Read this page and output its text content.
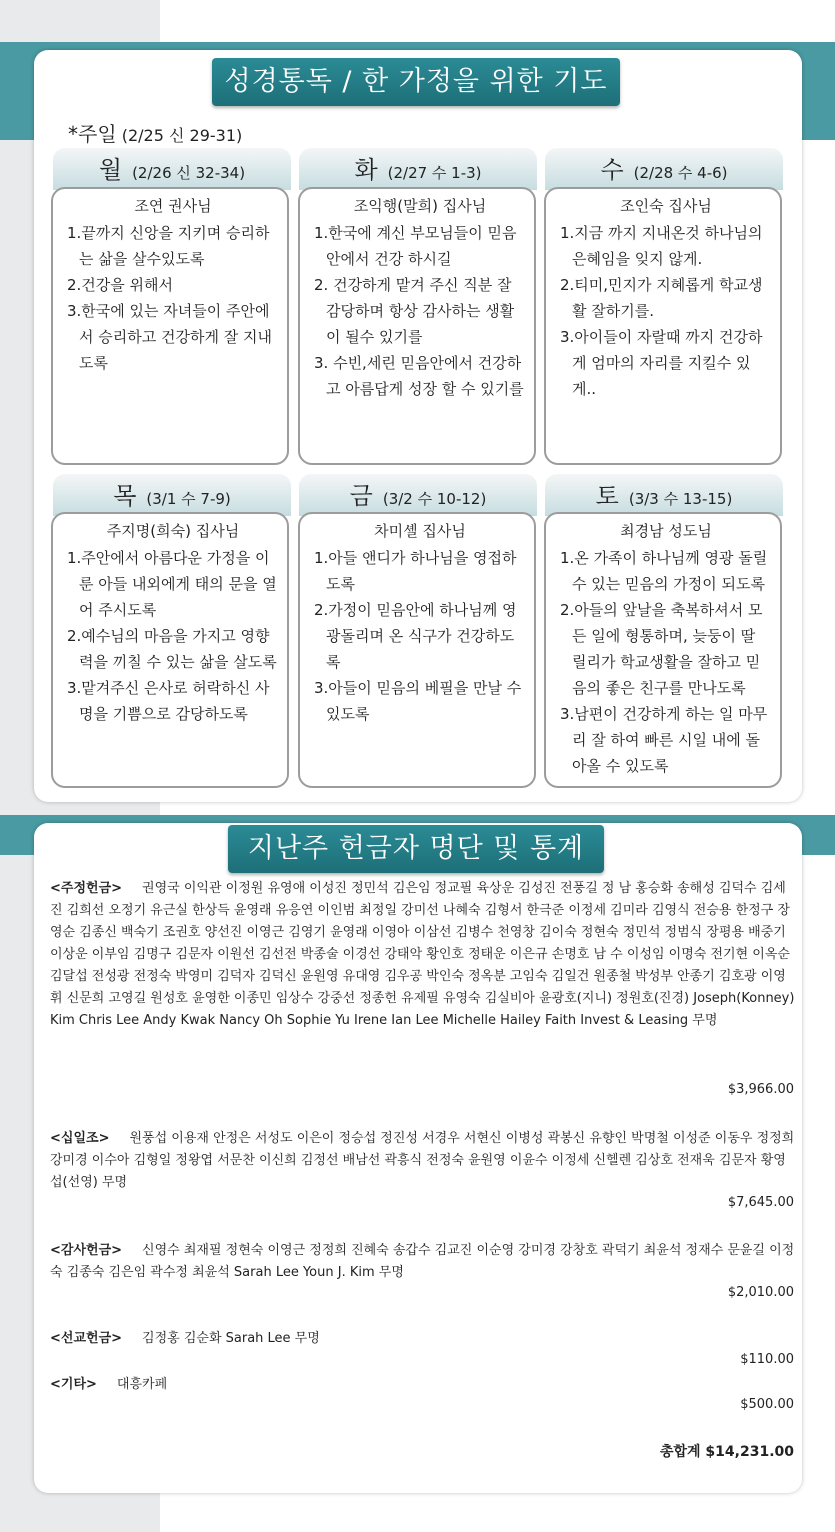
성경통독 / 한 가정을 위한 기도
*주일 (2/25 신 29-31)
월 (2/26 신 32-34)
조연 권사님
1.끝까지 신앙을 지키며 승리하는 삶을 살수있도록
2.건강을 위해서
3.한국에 있는 자녀들이 주안에서 승리하고 건강하게 잘 지내도록
화 (2/27 수 1-3)
조익행(말희) 집사님
1.한국에 계신 부모님들이 믿음안에서 건강 하시길
2. 건강하게 맡겨 주신 직분 잘 감당하며 항상 감사하는 생활이 될수 있기를
3. 수빈,세린 믿음안에서 건강하고 아름답게 성장 할 수 있기를
수 (2/28 수 4-6)
조인숙 집사님
1.지금 까지 지내온것 하나님의 은혜임을 잊지 않게.
2.티미,민지가 지혜롭게 학교생활 잘하기를.
3.아이들이 자랄때 까지 건강하게 엄마의 자리를 지킬수 있게..
목 (3/1 수 7-9)
주지명(희숙) 집사님
1.주안에서 아름다운 가정을 이룬 아들 내외에게 태의 문을 열어 주시도록
2.예수님의 마음을 가지고 영향력을 끼칠 수 있는 삶을 살도록
3.맡겨주신 은사로 허락하신 사명을 기쁨으로 감당하도록
금 (3/2 수 10-12)
차미셸 집사님
1.아들 앤디가 하나님을 영접하도록
2.가정이 믿음안에 하나님께 영광돌리며 온 식구가 건강하도록
3.아들이 믿음의 베필을 만날 수 있도록
토 (3/3 수 13-15)
최경남 성도님
1.온 가족이 하나님께 영광 돌릴 수 있는 믿음의 가정이 되도록
2.아들의 앞날을 축복하셔서 모든 일에 형통하며, 늦둥이 딸 릴리가 학교생활을 잘하고 믿음의 좋은 친구를 만나도록
3.남편이 건강하게 하는 일 마무리 잘 하여 빠른 시일 내에 돌아올 수 있도록
지난주 헌금자 명단 및 통계
<주정헌금> 권영국 이익관 이정원 유영애 이성진 정민석 김은임 정교필 육상운 김성진 전풍길 정 남 홍승화 송해성 김덕수 김세진 김희선 오정기 유근실 한상득 윤영래 유응연 이인범 최정일 강미선 나혜숙 김형서 한극준 이정세 김미라 김영식 전승용 한정구 장영순 김종신 백숙기 조권호 양선진 이영근 김영기 윤영래 이영아 이삼선 김병수 천영창 김이숙 정현숙 정민석 정범식 장평용 배중기 이상운 이부임 김명구 김문자 이원선 김선전 박종술 이경선 강태악 황인호 정태운 이은규 손명호 남 수 이성임 이명숙 전기현 이옥순 김달섭 전성광 전정숙 박영미 김덕자 김덕신 윤원영 유대영 김우공 박인숙 정옥분 고임숙 김일건 원종철 박성부 안종기 김호광 이영휘 신문희 고영길 원성호 윤영한 이종민 임상수 강중선 정종헌 유제필 유영숙 김실비아 윤광호(지니) 정원호(진경) Joseph(Konney) Kim Chris Lee Andy Kwak Nancy Oh Sophie Yu Irene Ian Lee Michelle Hailey Faith Invest & Leasing 무명
$3,966.00
<십일조> 원풍섭 이용재 안정은 서성도 이은이 정승섭 정진성 서경우 서현신 이병성 곽봉신 유향인 박명철 이성준 이동우 정정희 강미경 이수아 김형일 정왕엽 서문찬 이신희 김정선 배남선 곽흥식 전정숙 윤원영 이윤수 이정세 신헬렌 김상호 전재욱 김문자 황영섭(선영) 무명
$7,645.00
<감사헌금> 신영수 최재필 정현숙 이영근 정정희 진혜숙 송갑수 김교진 이순영 강미경 강창호 곽덕기 최윤석 정재수 문윤길 이정숙 김종숙 김은임 곽수정 최윤석 Sarah Lee Youn J. Kim 무명
$2,010.00
<선교헌금> 김정홍 김순화 Sarah Lee 무명
$110.00
<기타> 대흥카페
$500.00
총합계 $14,231.00
